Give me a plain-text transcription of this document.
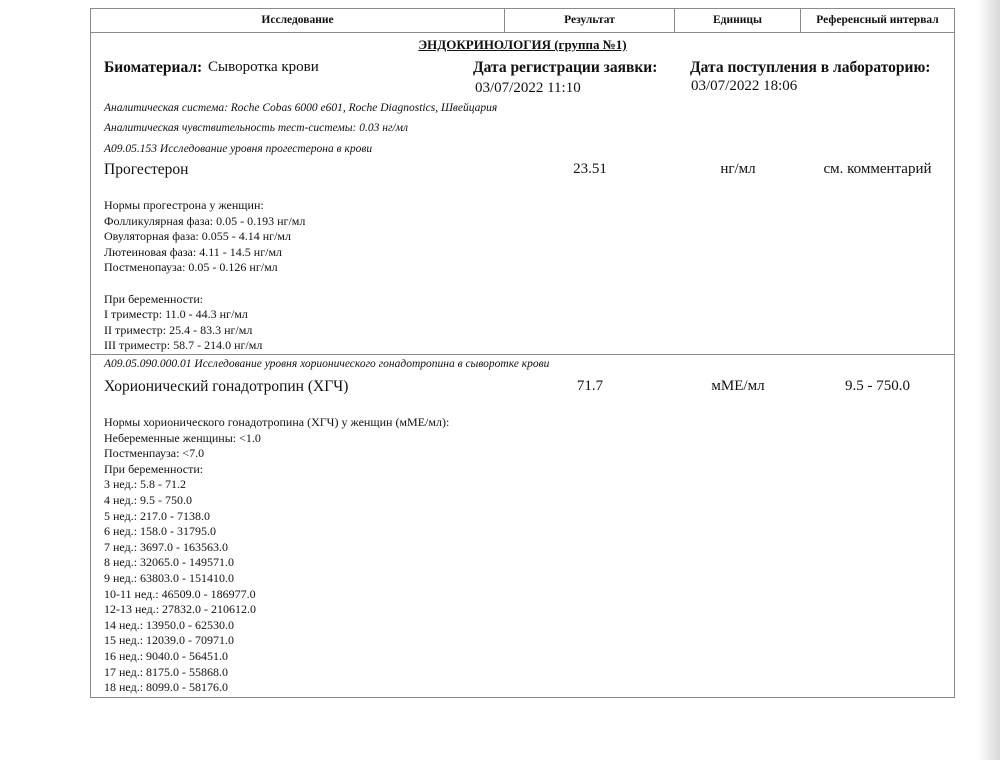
Исследование	Результат	Единицы	Референсный интервал
ЭНДОКРИНОЛОГИЯ (группа №1)
Биоматериал: Сыворотка крови	Дата регистрации заявки:
03/07/2022 11:10
Дата поступления в лабораторию:
03/07/2022 18:06
Аналитическая система: Roche Cobas 6000 e601, Roche Diagnostics, Швейцария
Аналитическая чувствительность тест-системы: 0.03 нг/мл
A09.05.153 Исследование уровня прогестерона в крови
Прогестерон	23.51	нг/мл	см. комментарий
Нормы прогестрона у женщин:
Фолликулярная фаза: 0.05 - 0.193 нг/мл
Овуляторная фаза: 0.055 - 4.14 нг/мл
Лютеиновая фаза: 4.11 - 14.5 нг/мл
Постменопауза: 0.05 - 0.126 нг/мл
При беременности:
I триместр: 11.0 - 44.3 нг/мл
II триместр: 25.4 - 83.3 нг/мл
III триместр: 58.7 - 214.0 нг/мл
A09.05.090.000.01 Исследование уровня хорионического гонадотропина в сыворотке крови
Хорионический гонадотропин (ХГЧ)	71.7	мМЕ/мл	9.5 - 750.0
Нормы хорионического гонадотропина (ХГЧ) у женщин (мМЕ/мл):
Небеременные женщины: <1.0
Постменпауза: <7.0
При беременности:
3 нед.: 5.8 - 71.2
4 нед.: 9.5 - 750.0
5 нед.: 217.0 - 7138.0
6 нед.: 158.0 - 31795.0
7 нед.: 3697.0 - 163563.0
8 нед.: 32065.0 - 149571.0
9 нед.: 63803.0 - 151410.0
10-11 нед.: 46509.0 - 186977.0
12-13 нед.: 27832.0 - 210612.0
14 нед.: 13950.0 - 62530.0
15 нед.: 12039.0 - 70971.0
16 нед.: 9040.0 - 56451.0
17 нед.: 8175.0 - 55868.0
18 нед.: 8099.0 - 58176.0
